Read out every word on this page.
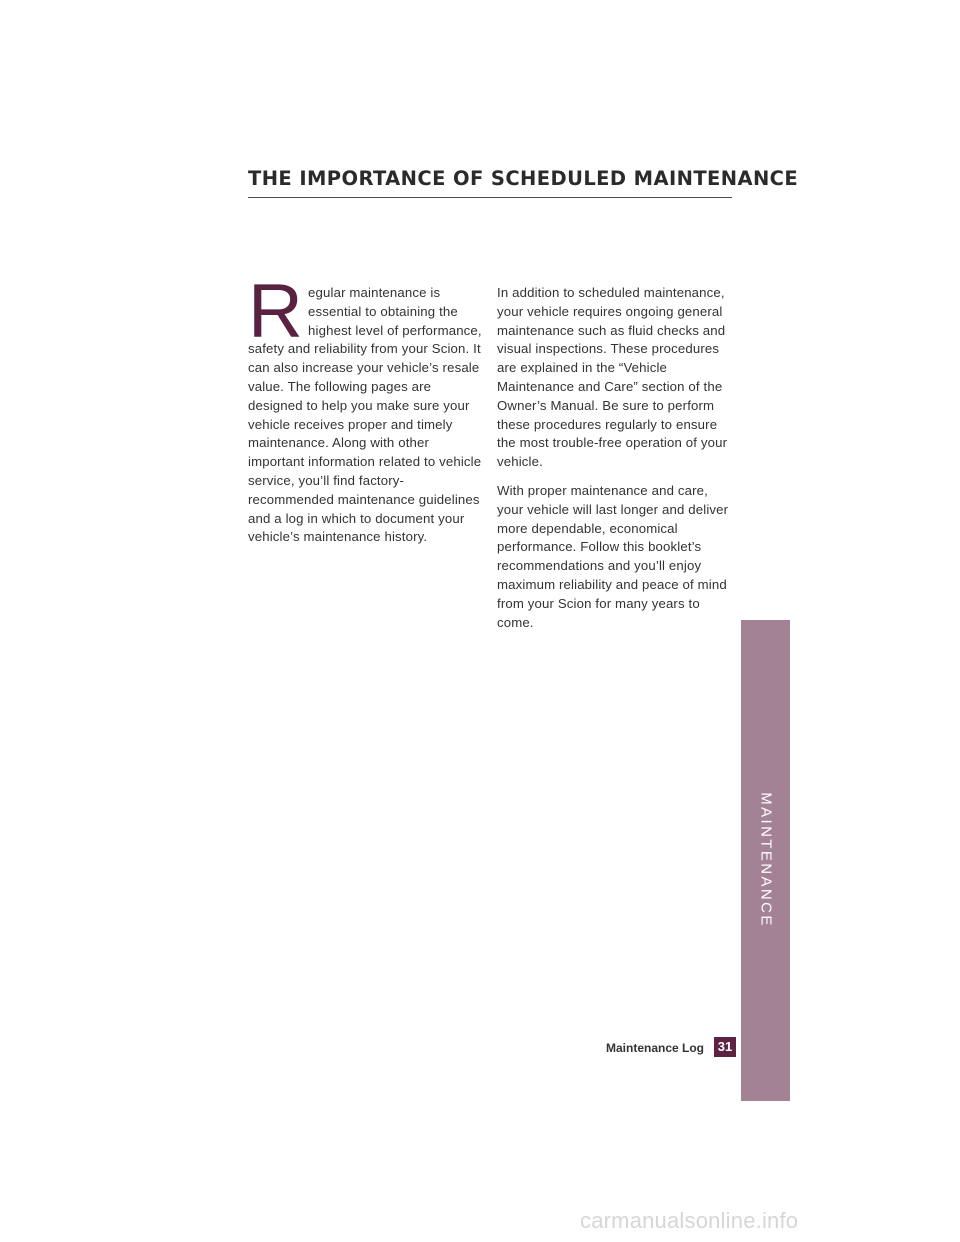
THE IMPORTANCE OF SCHEDULED MAINTENANCE

Regular maintenance is essential to obtaining the highest level of performance, safety and reliability from your Scion. It can also increase your vehicle’s resale value. The following pages are designed to help you make sure your vehicle receives proper and timely maintenance. Along with other important information related to vehicle service, you’ll find factory-recommended maintenance guidelines and a log in which to document your vehicle’s maintenance history.

In addition to scheduled maintenance, your vehicle requires ongoing general maintenance such as fluid checks and visual inspections. These procedures are explained in the “Vehicle Maintenance and Care” section of the Owner’s Manual. Be sure to perform these procedures regularly to ensure the most trouble-free operation of your vehicle.

With proper maintenance and care, your vehicle will last longer and deliver more dependable, economical performance. Follow this booklet’s recommendations and you’ll enjoy maximum reliability and peace of mind from your Scion for many years to come.

MAINTENANCE
Maintenance Log	31
carmanualsonline.info
